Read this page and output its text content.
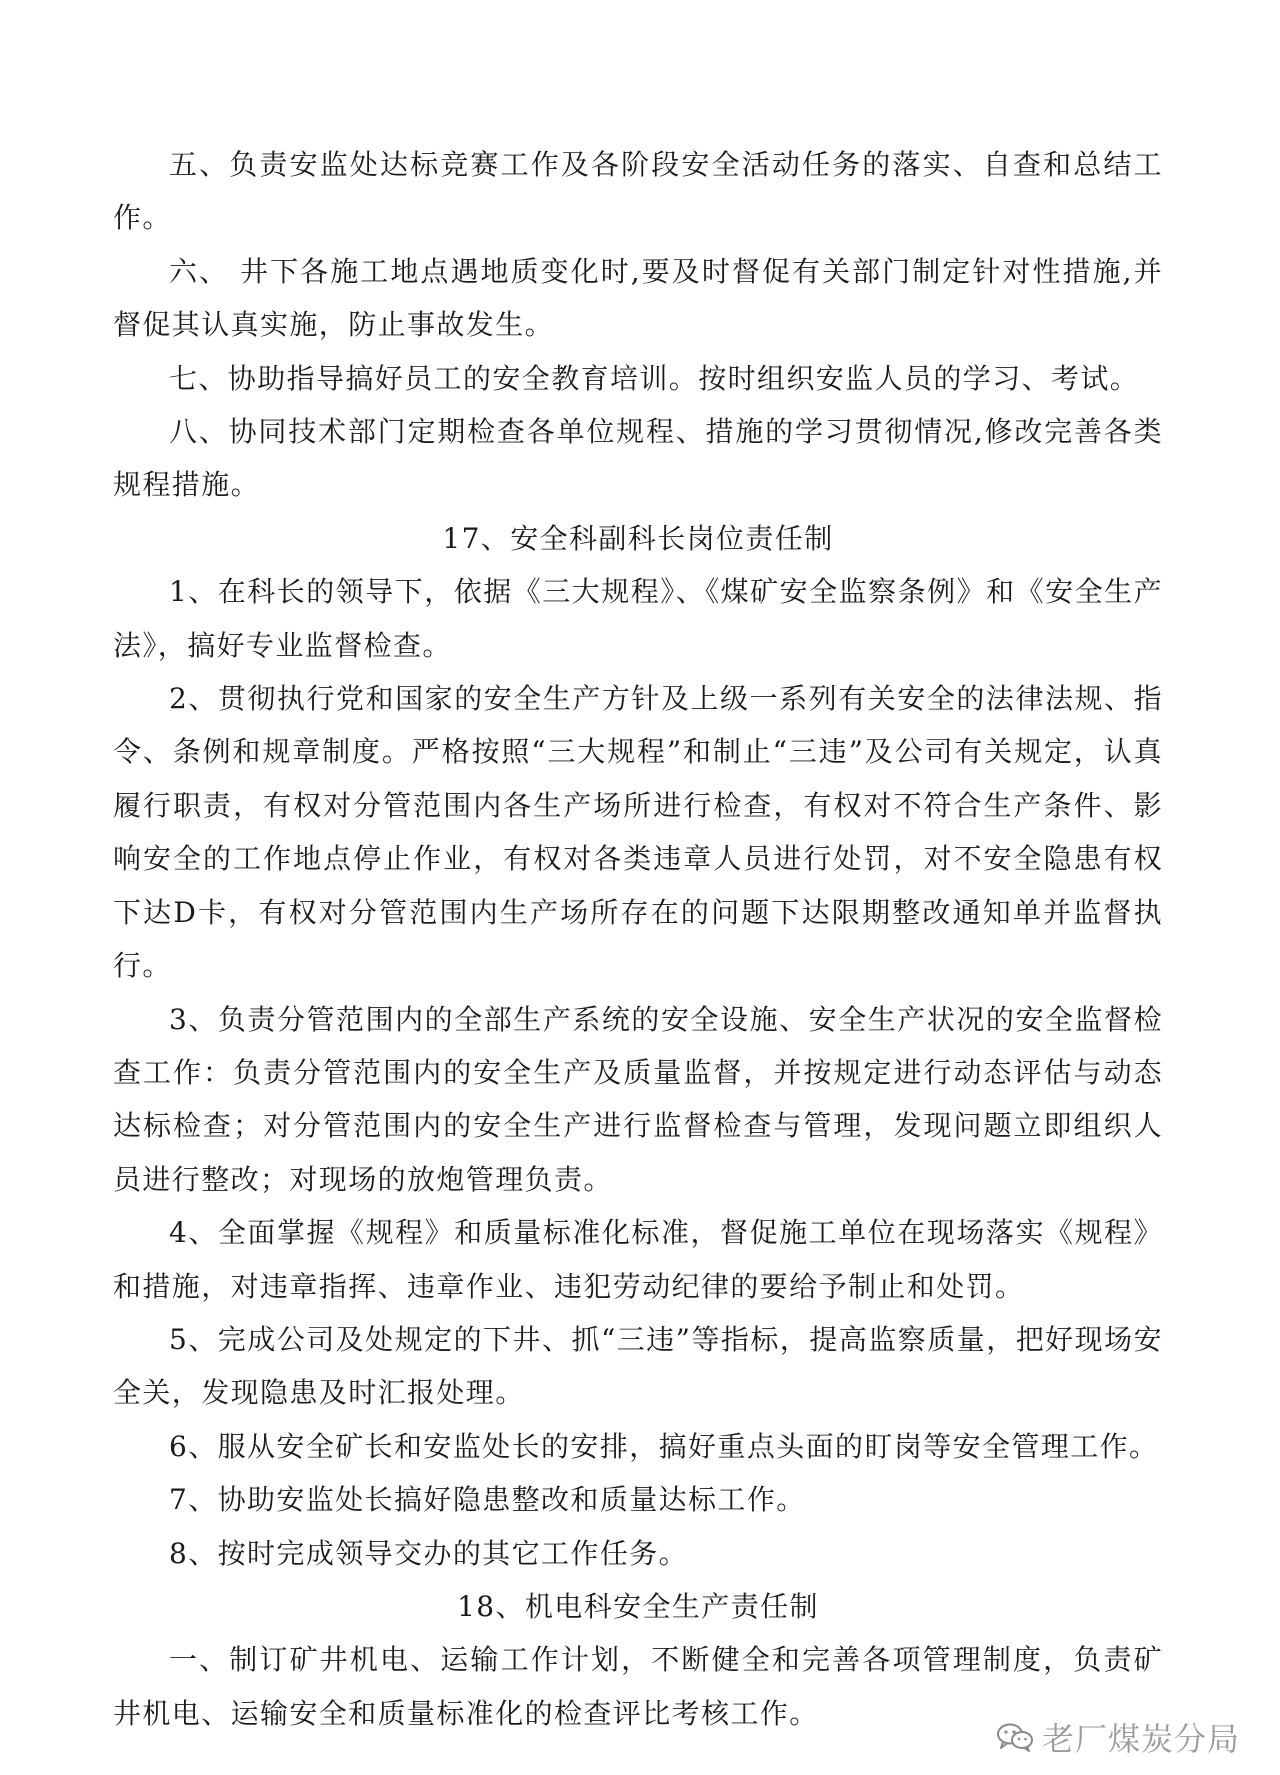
五、负责安监处达标竞赛工作及各阶段安全活动任务的落实、自查和总结工作。

六、 井下各施工地点遇地质变化时,要及时督促有关部门制定针对性措施,并督促其认真实施，防止事故发生。

七、协助指导搞好员工的安全教育培训。按时组织安监人员的学习、考试。

八、协同技术部门定期检查各单位规程、措施的学习贯彻情况,修改完善各类规程措施。

17、安全科副科长岗位责任制

1、在科长的领导下，依据《三大规程》、《煤矿安全监察条例》和《安全生产法》，搞好专业监督检查。

2、贯彻执行党和国家的安全生产方针及上级一系列有关安全的法律法规、指令、条例和规章制度。严格按照“三大规程”和制止“三违”及公司有关规定，认真履行职责，有权对分管范围内各生产场所进行检查，有权对不符合生产条件、影响安全的工作地点停止作业，有权对各类违章人员进行处罚，对不安全隐患有权下达D卡，有权对分管范围内生产场所存在的问题下达限期整改通知单并监督执行。

3、负责分管范围内的全部生产系统的安全设施、安全生产状况的安全监督检查工作：负责分管范围内的安全生产及质量监督，并按规定进行动态评估与动态达标检查；对分管范围内的安全生产进行监督检查与管理，发现问题立即组织人员进行整改；对现场的放炮管理负责。

4、全面掌握《规程》和质量标准化标准，督促施工单位在现场落实《规程》和措施，对违章指挥、违章作业、违犯劳动纪律的要给予制止和处罚。

5、完成公司及处规定的下井、抓“三违”等指标，提高监察质量，把好现场安全关，发现隐患及时汇报处理。

6、服从安全矿长和安监处长的安排，搞好重点头面的盯岗等安全管理工作。

7、协助安监处长搞好隐患整改和质量达标工作。

8、按时完成领导交办的其它工作任务。

18、机电科安全生产责任制

一、制订矿井机电、运输工作计划，不断健全和完善各项管理制度，负责矿井机电、运输安全和质量标准化的检查评比考核工作。

老厂煤炭分局
